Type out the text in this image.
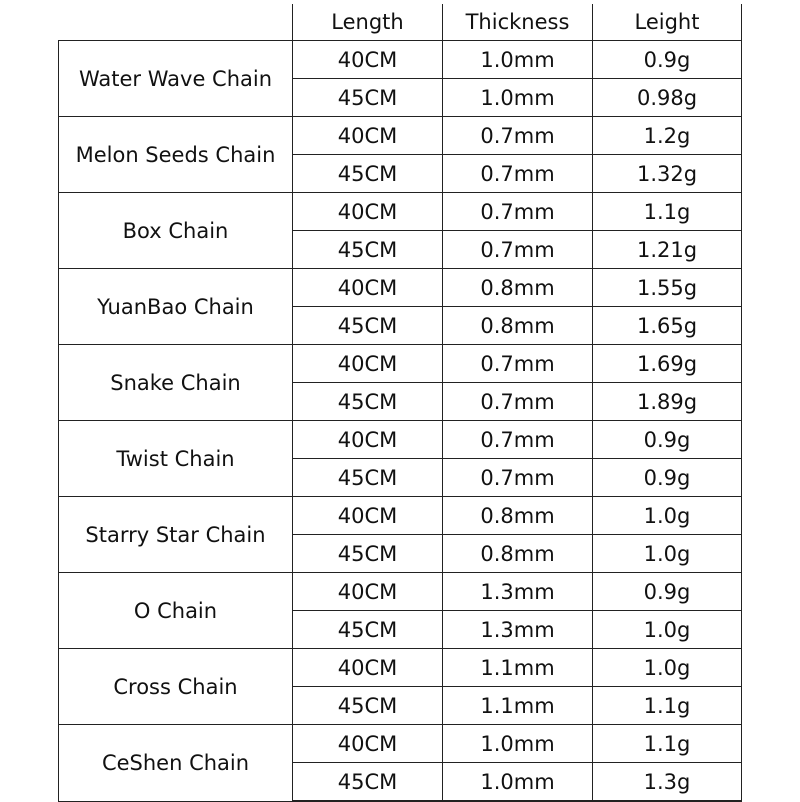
	Length	Thickness	Leight
Water Wave Chain	40CM	1.0mm	0.9g
	45CM	1.0mm	0.98g
Melon Seeds Chain	40CM	0.7mm	1.2g
	45CM	0.7mm	1.32g
Box Chain	40CM	0.7mm	1.1g
	45CM	0.7mm	1.21g
YuanBao Chain	40CM	0.8mm	1.55g
	45CM	0.8mm	1.65g
Snake Chain	40CM	0.7mm	1.69g
	45CM	0.7mm	1.89g
Twist Chain	40CM	0.7mm	0.9g
	45CM	0.7mm	0.9g
Starry Star Chain	40CM	0.8mm	1.0g
	45CM	0.8mm	1.0g
O Chain	40CM	1.3mm	0.9g
	45CM	1.3mm	1.0g
Cross Chain	40CM	1.1mm	1.0g
	45CM	1.1mm	1.1g
CeShen Chain	40CM	1.0mm	1.1g
	45CM	1.0mm	1.3g
